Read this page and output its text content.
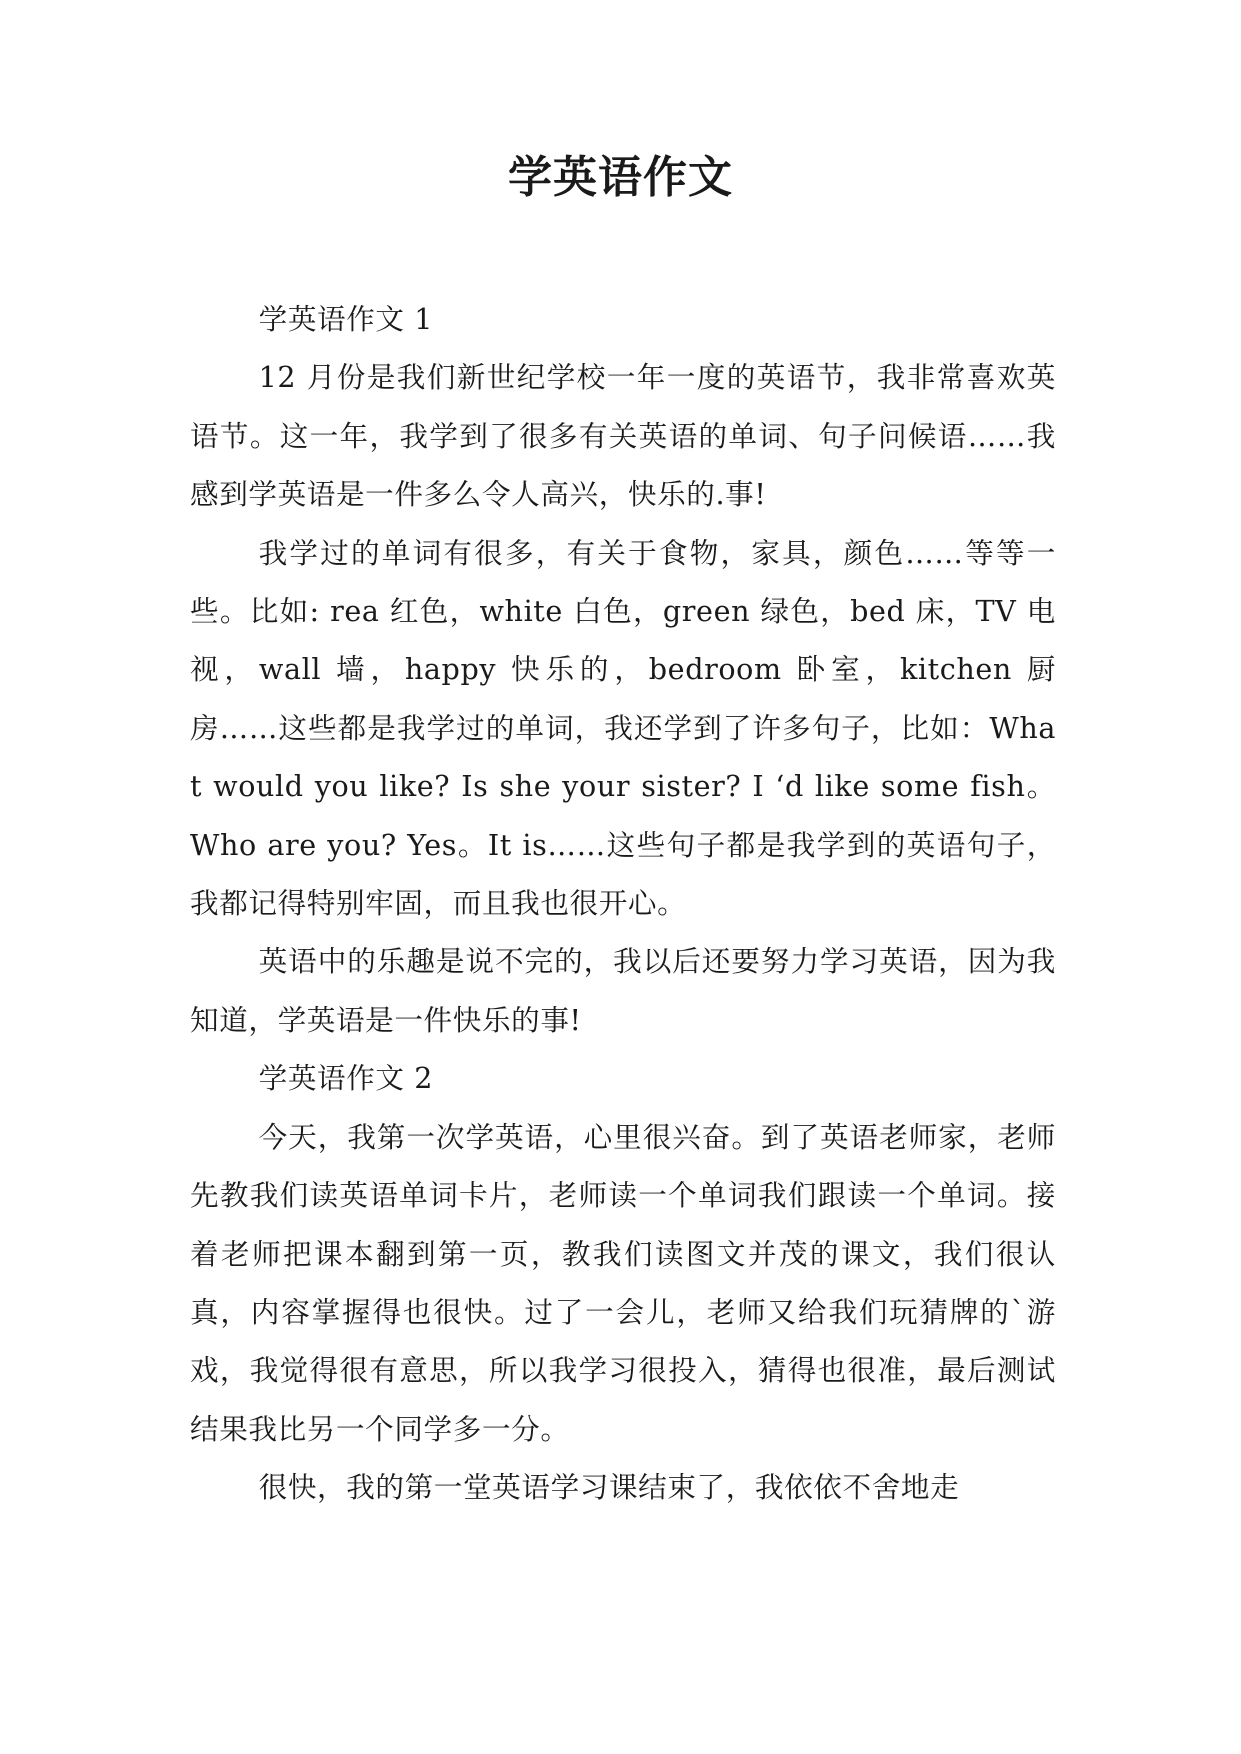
学英语作文

学英语作文 1

12 月份是我们新世纪学校一年一度的英语节，我非常喜欢英语节。这一年，我学到了很多有关英语的单词、句子问候语……我感到学英语是一件多么令人高兴，快乐的.事!

我学过的单词有很多，有关于食物，家具，颜色……等等一些。比如: rea 红色，white 白色，green 绿色，bed 床，TV 电视，wall 墙，happy 快乐的，bedroom 卧室，kitchen 厨房……这些都是我学过的单词，我还学到了许多句子，比如：What would you like? Is she your sister? I ‘d like some fish。Who are you? Yes。It is……这些句子都是我学到的英语句子，我都记得特别牢固，而且我也很开心。

英语中的乐趣是说不完的，我以后还要努力学习英语，因为我知道，学英语是一件快乐的事!

学英语作文 2

今天，我第一次学英语，心里很兴奋。到了英语老师家，老师先教我们读英语单词卡片，老师读一个单词我们跟读一个单词。接着老师把课本翻到第一页，教我们读图文并茂的课文，我们很认真，内容掌握得也很快。过了一会儿，老师又给我们玩猜牌的`游戏，我觉得很有意思，所以我学习很投入，猜得也很准，最后测试结果我比另一个同学多一分。

很快，我的第一堂英语学习课结束了，我依依不舍地走
